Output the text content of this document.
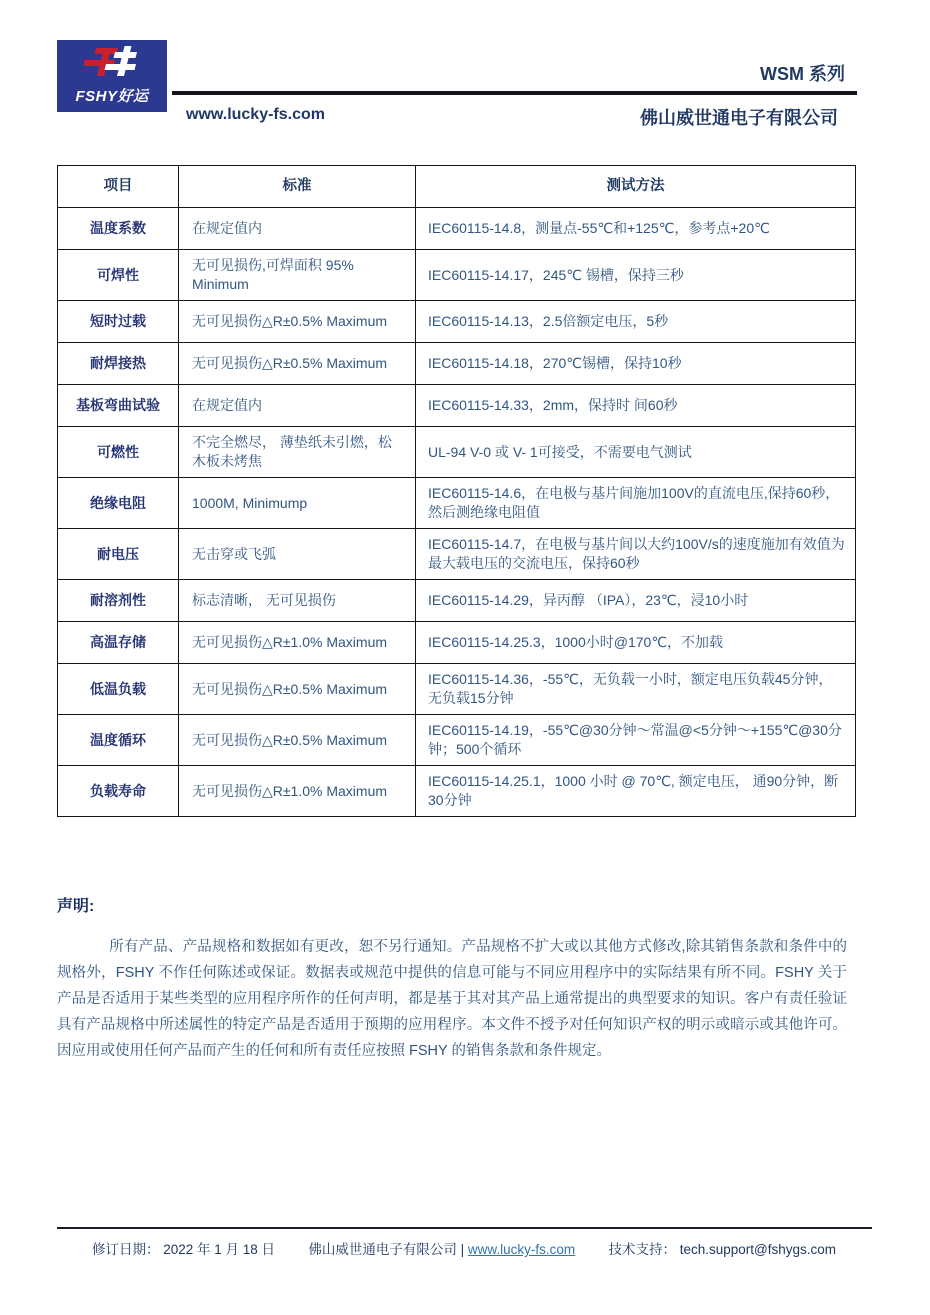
FSHY好运
WSM 系列
www.lucky-fs.com	佛山威世通电子有限公司
项目	标准	测试方法
温度系数	在规定值内	IEC60115-14.8，测量点-55℃和+125℃，参考点+20℃
可焊性	无可见损伤,可焊面积 95% Minimum	IEC60115-14.17，245℃ 锡槽，保持三秒
短时过载	无可见损伤△R±0.5% Maximum	IEC60115-14.13，2.5倍额定电压，5秒
耐焊接热	无可见损伤△R±0.5% Maximum	IEC60115-14.18，270℃锡槽，保持10秒
基板弯曲试验	在规定值内	IEC60115-14.33，2mm，保持时 间60秒
可燃性	不完全燃尽， 薄垫纸未引燃，松木板未烤焦	UL-94 V-0 或 V- 1可接受，不需要电气测试
绝缘电阻	1000M, Minimump	IEC60115-14.6，在电极与基片间施加100V的直流电压,保持60秒，然后测绝缘电阻值
耐电压	无击穿或飞弧	IEC60115-14.7，在电极与基片间以大约100V/s的速度施加有效值为最大载电压的交流电压，保持60秒
耐溶剂性	标志清晰， 无可见损伤	IEC60115-14.29，异丙醇 （IPA），23℃，浸10小时
高温存储	无可见损伤△R±1.0% Maximum	IEC60115-14.25.3，1000小时@170℃，不加载
低温负载	无可见损伤△R±0.5% Maximum	IEC60115-14.36，-55℃，无负载一小时，额定电压负载45分钟，无负载15分钟
温度循环	无可见损伤△R±0.5% Maximum	IEC60115-14.19，-55℃@30分钟～常温@<5分钟～+155℃@30分钟；500个循环
负载寿命	无可见损伤△R±1.0% Maximum	IEC60115-14.25.1，1000 小时 @ 70℃, 额定电压， 通90分钟，断30分钟
声明:
所有产品、产品规格和数据如有更改，恕不另行通知。产品规格不扩大或以其他方式修改,除其销售条款和条件中的规格外，FSHY 不作任何陈述或保证。数据表或规范中提供的信息可能与不同应用程序中的实际结果有所不同。FSHY 关于产品是否适用于某些类型的应用程序所作的任何声明，都是基于其对其产品上通常提出的典型要求的知识。客户有责任验证具有产品规格中所述属性的特定产品是否适用于预期的应用程序。本文件不授予对任何知识产权的明示或暗示或其他许可。因应用或使用任何产品而产生的任何和所有责任应按照 FSHY 的销售条款和条件规定。
修订日期： 2022 年 1 月 18 日 佛山威世通电子有限公司 | www.lucky-fs.com 技术支持： tech.support@fshygs.com
